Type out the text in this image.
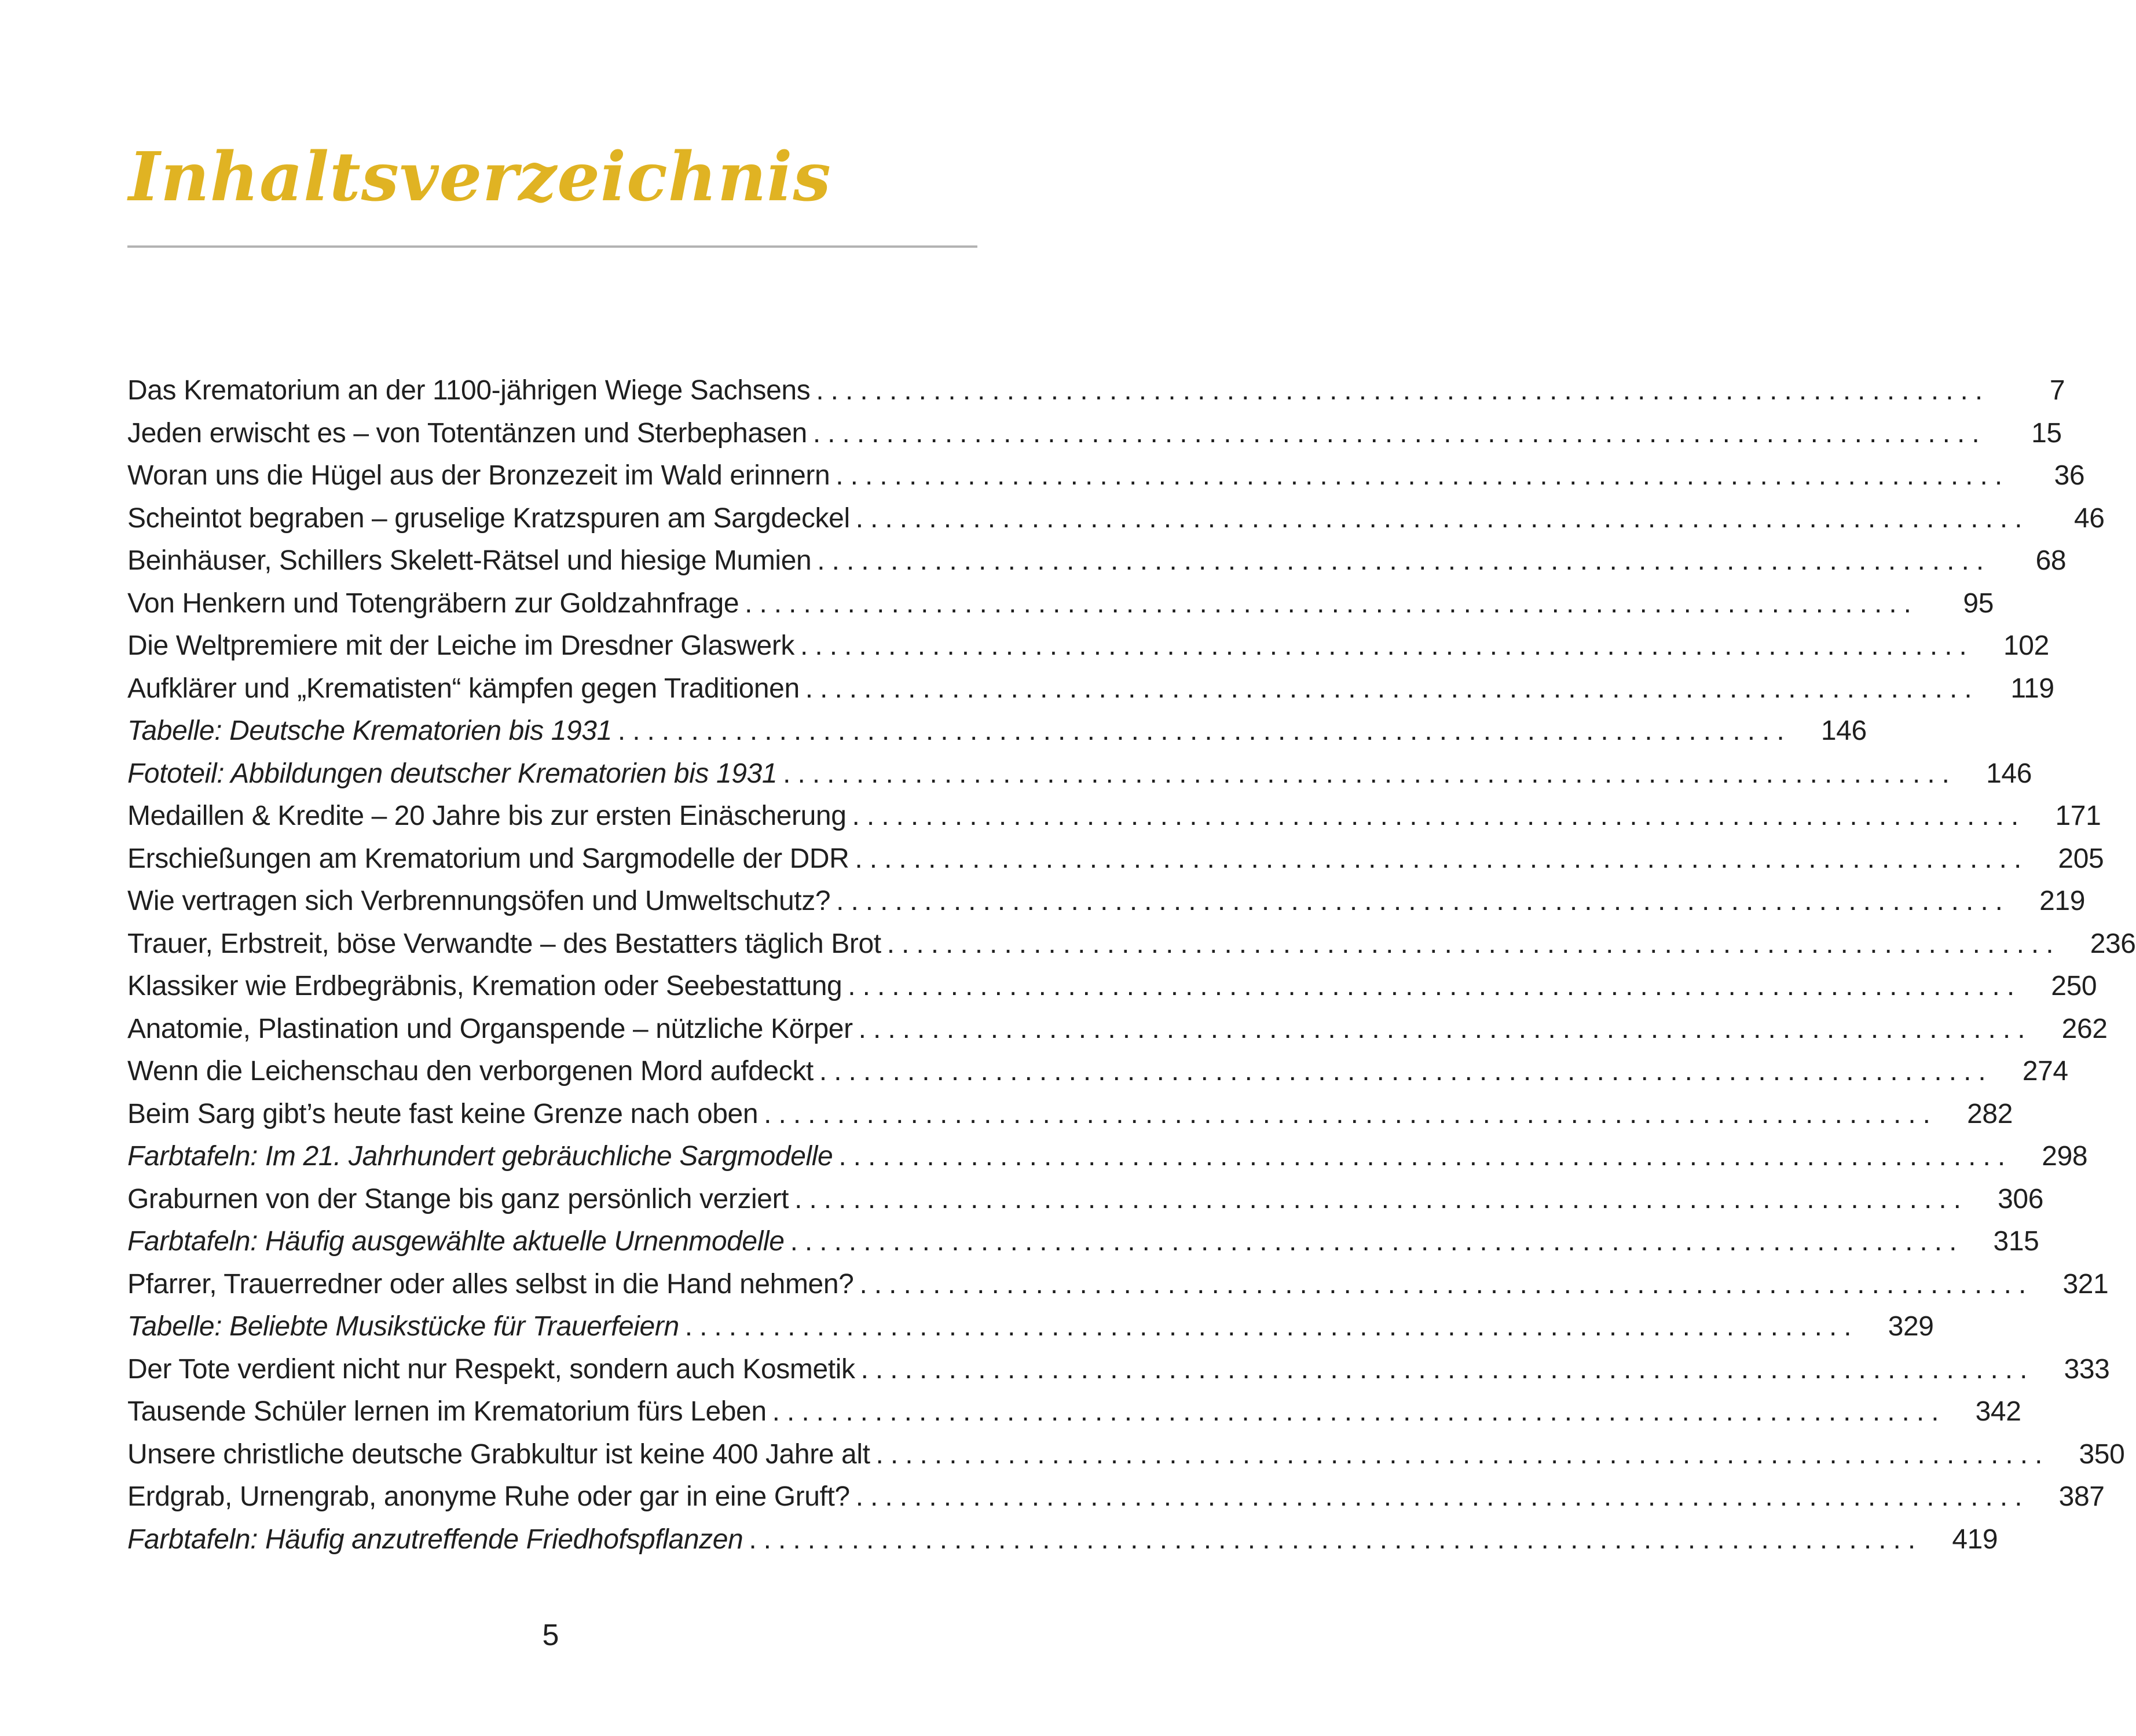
Inhaltsverzeichnis
Das Krematorium an der 1100-jährigen Wiege Sachsens ................................................................................	7
Jeden erwischt es – von Totentänzen und Sterbephasen ................................................................................	15
Woran uns die Hügel aus der Bronzezeit im Wald erinnern ................................................................................	36
Scheintot begraben – gruselige Kratzspuren am Sargdeckel ................................................................................	46
Beinhäuser, Schillers Skelett-Rätsel und hiesige Mumien ................................................................................	68
Von Henkern und Totengräbern zur Goldzahnfrage ................................................................................	95
Die Weltpremiere mit der Leiche im Dresdner Glaswerk ................................................................................	102
Aufklärer und „Krematisten“ kämpfen gegen Traditionen ................................................................................	119
Tabelle: Deutsche Krematorien bis 1931 ................................................................................	146
Fototeil: Abbildungen deutscher Krematorien bis 1931 ................................................................................	146
Medaillen & Kredite – 20 Jahre bis zur ersten Einäscherung ................................................................................	171
Erschießungen am Krematorium und Sargmodelle der DDR ................................................................................	205
Wie vertragen sich Verbrennungsöfen und Umweltschutz? ................................................................................	219
Trauer, Erbstreit, böse Verwandte – des Bestatters täglich Brot ................................................................................	236
Klassiker wie Erdbegräbnis, Kremation oder Seebestattung ................................................................................	250
Anatomie, Plastination und Organspende – nützliche Körper ................................................................................	262
Wenn die Leichenschau den verborgenen Mord aufdeckt ................................................................................	274
Beim Sarg gibt’s heute fast keine Grenze nach oben ................................................................................	282
Farbtafeln: Im 21. Jahrhundert gebräuchliche Sargmodelle ................................................................................	298
Graburnen von der Stange bis ganz persönlich verziert ................................................................................	306
Farbtafeln: Häufig ausgewählte aktuelle Urnenmodelle ................................................................................	315
Pfarrer, Trauerredner oder alles selbst in die Hand nehmen? ................................................................................	321
Tabelle: Beliebte Musikstücke für Trauerfeiern ................................................................................	329
Der Tote verdient nicht nur Respekt, sondern auch Kosmetik ................................................................................	333
Tausende Schüler lernen im Krematorium fürs Leben ................................................................................	342
Unsere christliche deutsche Grabkultur ist keine 400 Jahre alt ................................................................................	350
Erdgrab, Urnengrab, anonyme Ruhe oder gar in eine Gruft? ................................................................................	387
Farbtafeln: Häufig anzutreffende Friedhofspflanzen ................................................................................	419
5
